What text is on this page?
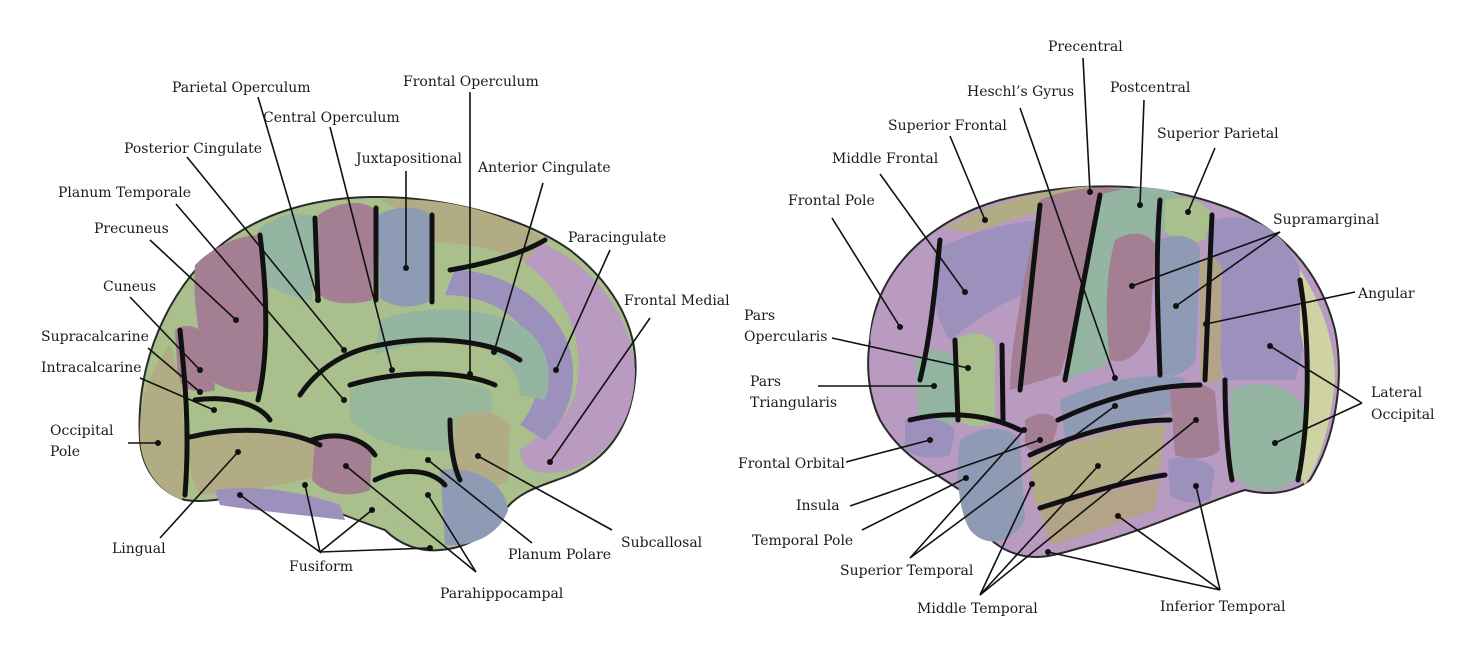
Parietal Operculum	Frontal Operculum
Central Operculum
Posterior Cingulate
Juxtapositional
Anterior Cingulate
Planum Temporale
Precuneus
Paracingulate
Cuneus
Frontal Medial
Supracalcarine
Intracalcarine
Occipital
Pole
Lingual
Fusiform
Planum Polare
Subcallosal
Parahippocampal
Precentral
Heschl’s Gyrus	Postcentral
Superior Frontal	Superior Parietal
Middle Frontal
Frontal Pole
Supramarginal
Angular
Pars
Opercularis
Pars
Triangularis
Lateral
Occipital
Frontal Orbital
Insula
Temporal Pole
Superior Temporal
Middle Temporal	Inferior Temporal
